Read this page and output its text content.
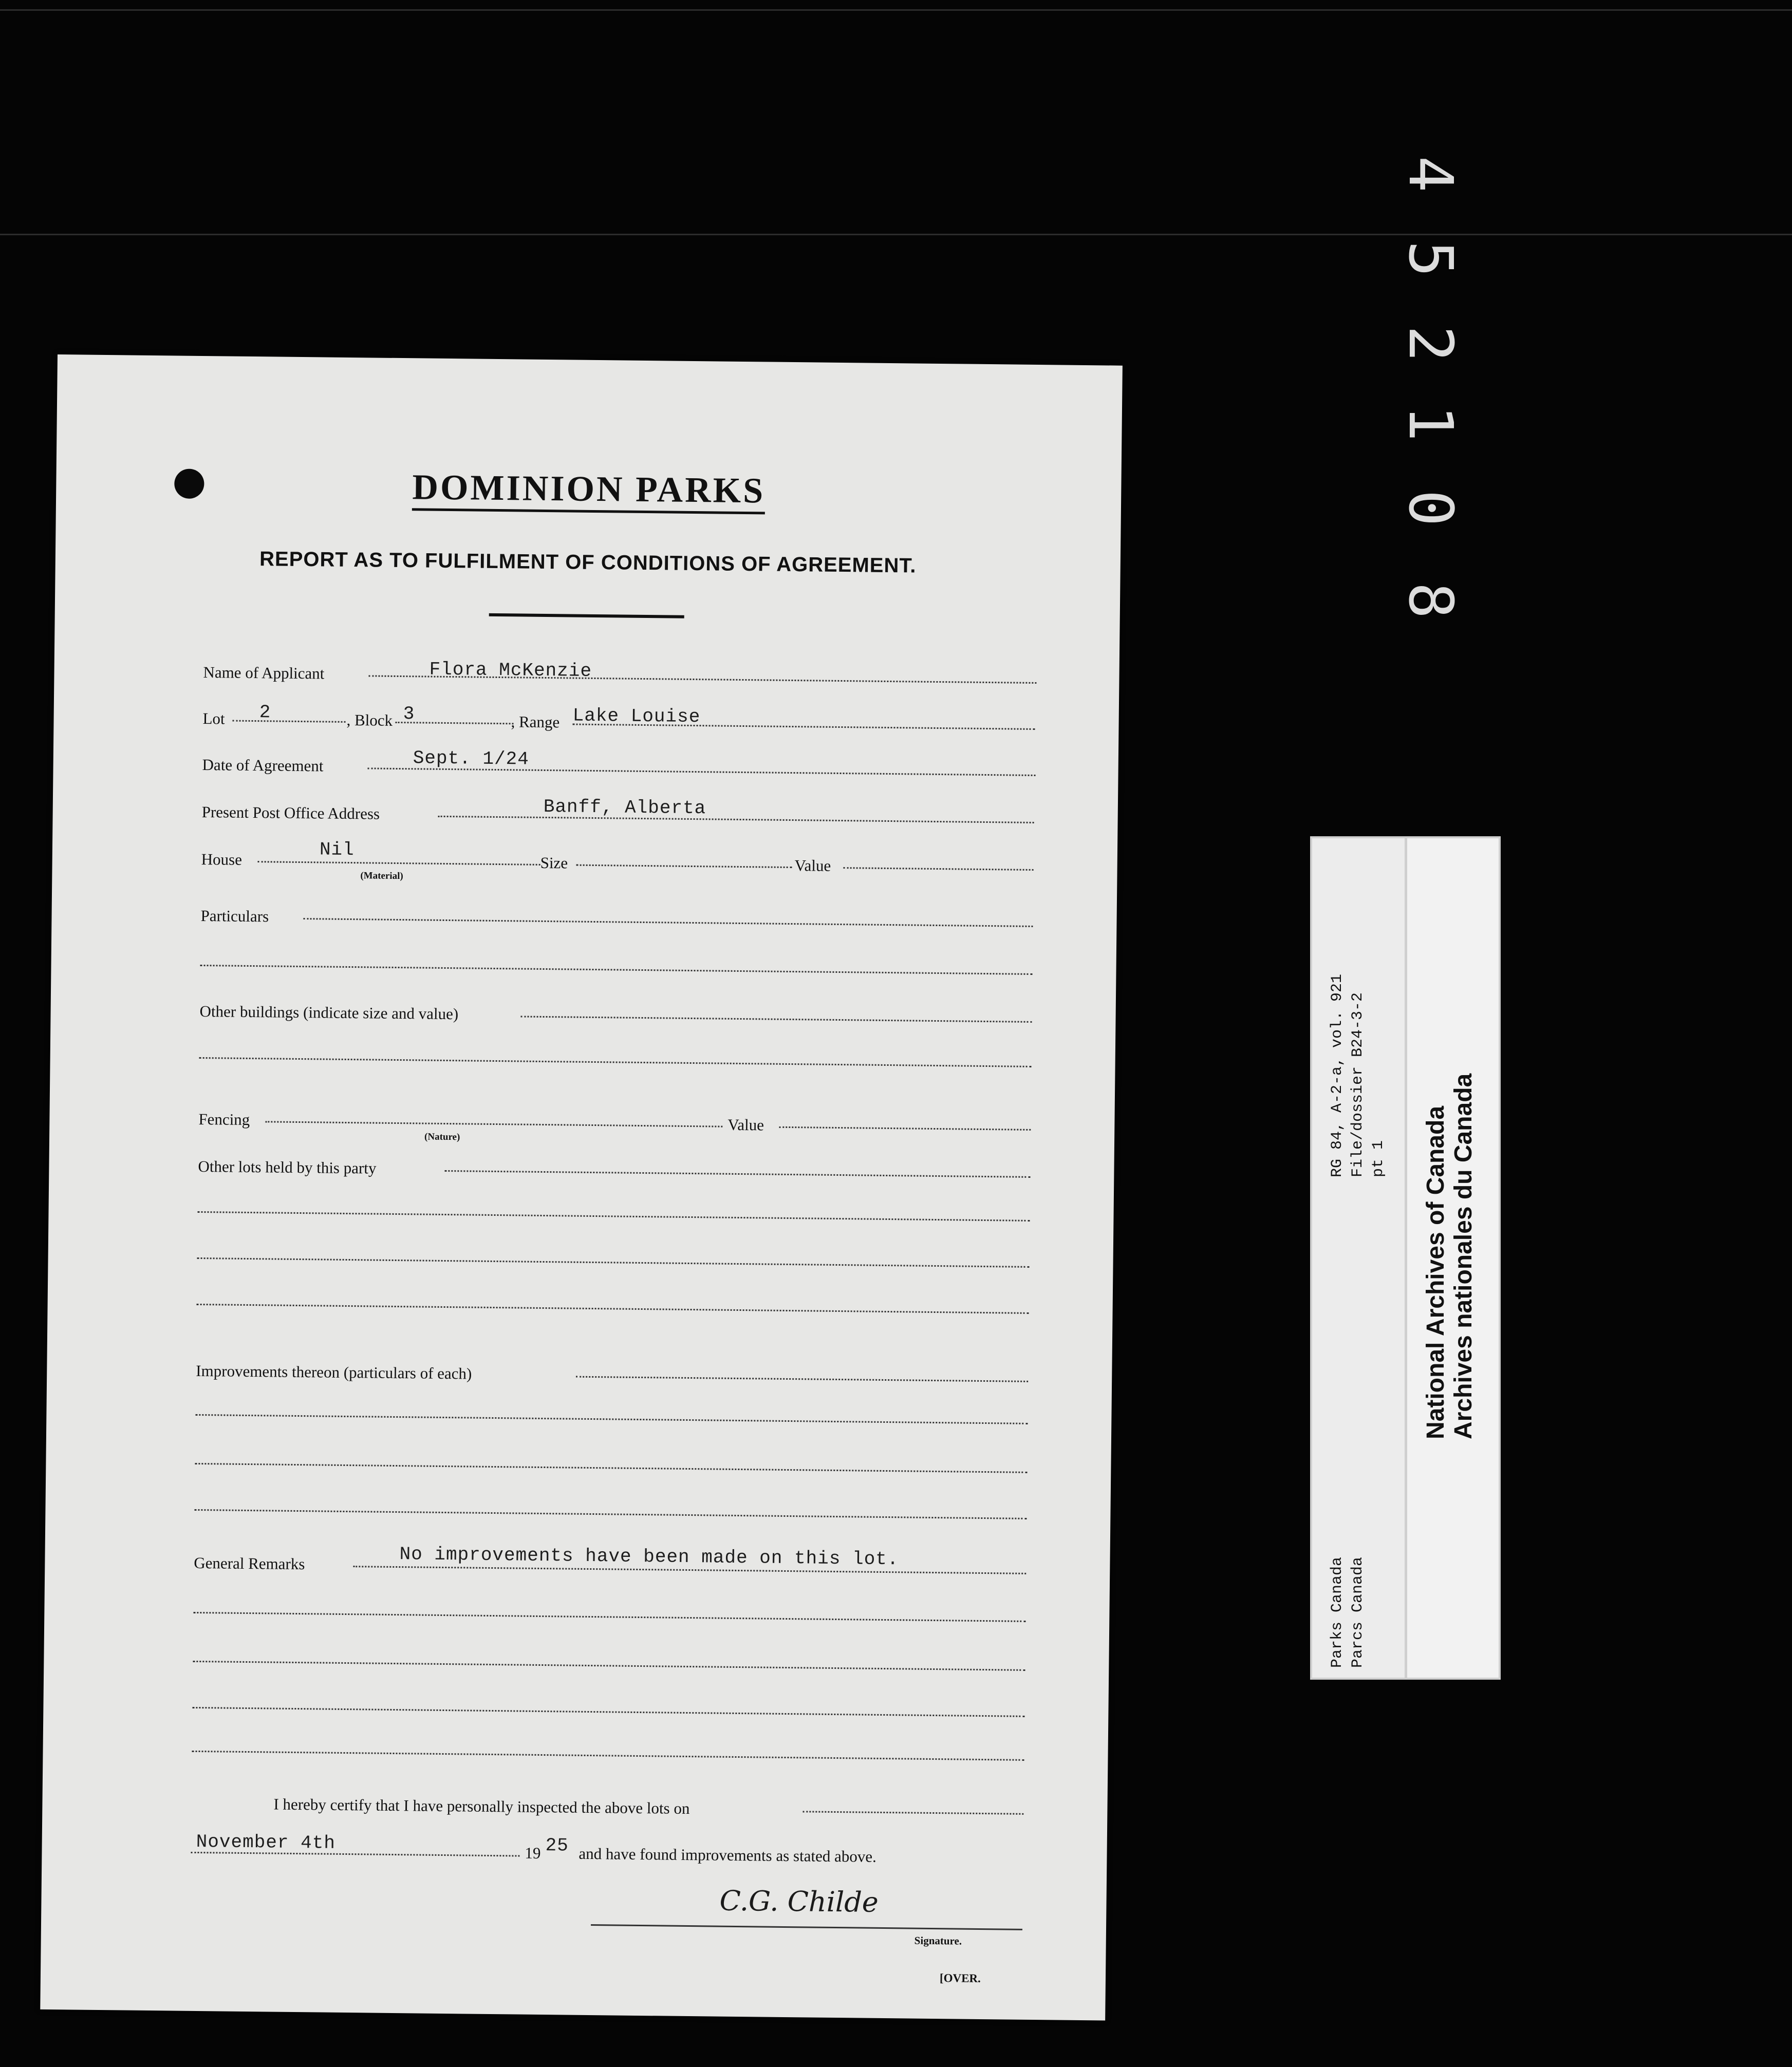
4
5
2
1
0
8
RG 84, A-2-a, vol. 921 File/dossier B24-3-2 pt 1
Parks Canada Parcs Canada
National Archives of Canada Archives nationales du Canada
DOMINION PARKS
REPORT AS TO FULFILMENT OF CONDITIONS OF AGREEMENT.
Name of Applicant	Flora McKenzie
Lot 2	, Block 3	, Range Lake Louise
Date of Agreement	Sept. 1/24
Present Post Office Address	Banff, Alberta
House	Nil
(Material)
Size	Value
Particulars
Other buildings (indicate size and value)
Fencing
(Nature)
Value
Other lots held by this party
Improvements thereon (particulars of each)
General Remarks	No improvements have been made on this lot.
I hereby certify that I have personally inspected the above lots on
November 4th	19 25 and have found improvements as stated above.
C.G. Childe
Signature.
[OVER.
